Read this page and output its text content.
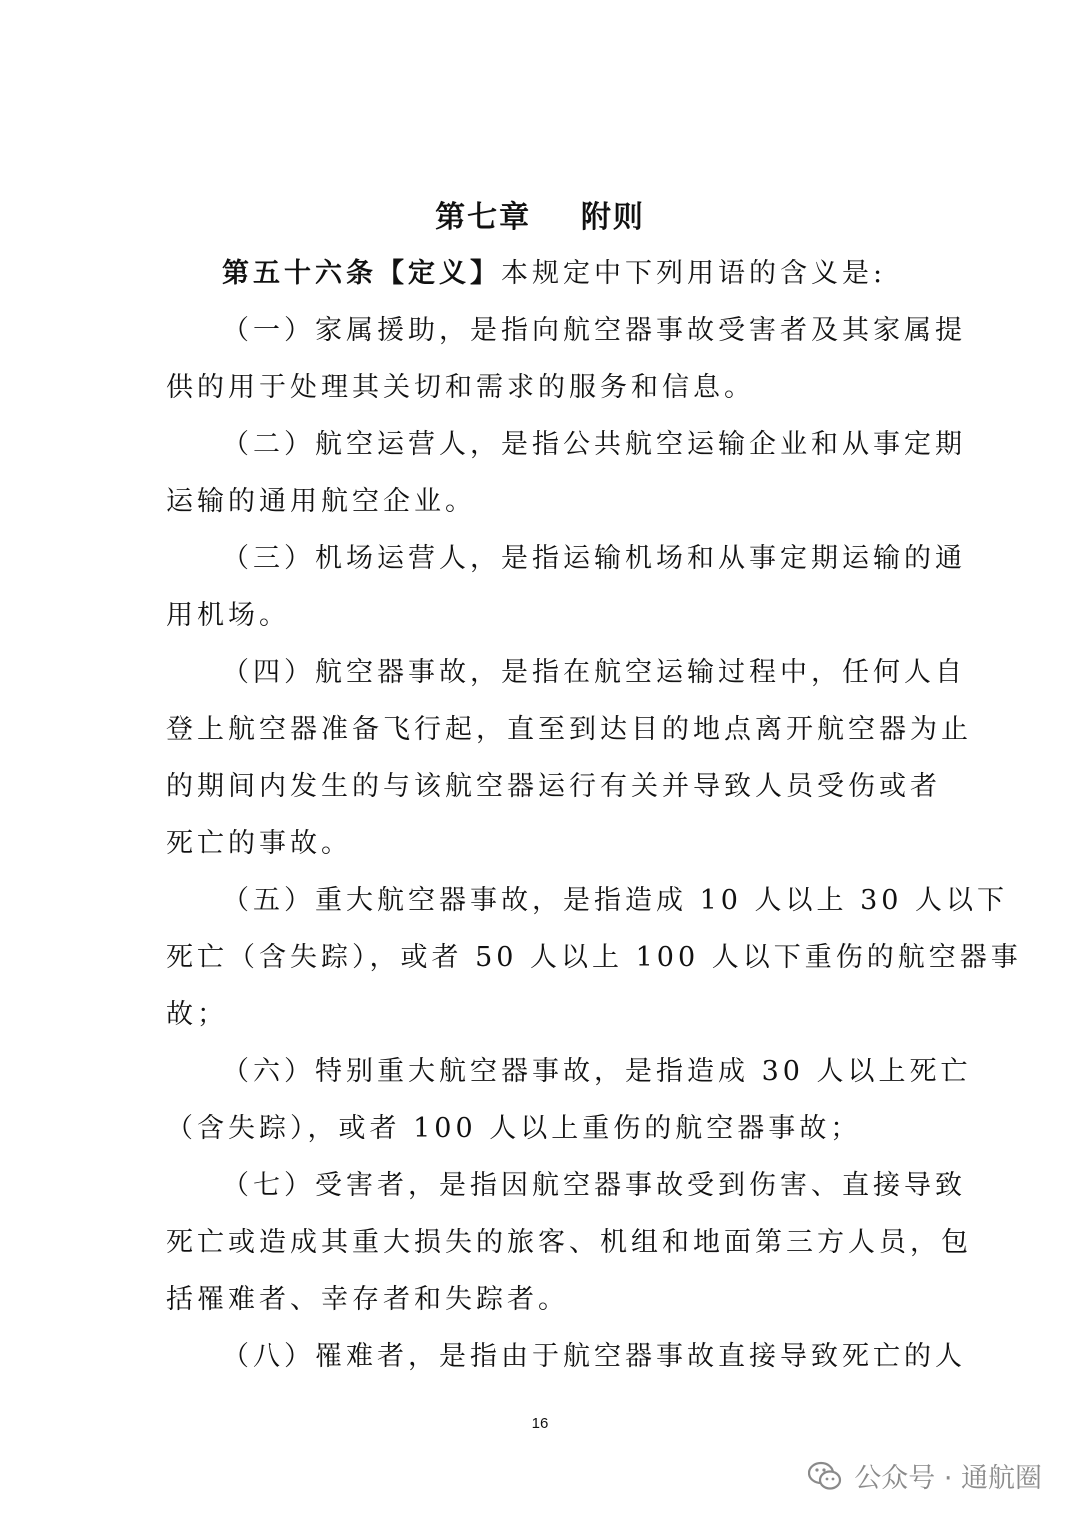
第七章    附则
第五十六条【定义】本规定中下列用语的含义是:
（一）家属援助，是指向航空器事故受害者及其家属提
供的用于处理其关切和需求的服务和信息。
（二）航空运营人，是指公共航空运输企业和从事定期
运输的通用航空企业。
（三）机场运营人，是指运输机场和从事定期运输的通
用机场。
（四）航空器事故，是指在航空运输过程中，任何人自
登上航空器准备飞行起，直至到达目的地点离开航空器为止
的期间内发生的与该航空器运行有关并导致人员受伤或者
死亡的事故。
（五）重大航空器事故，是指造成 10 人以上 30 人以下
死亡（含失踪），或者 50 人以上 100 人以下重伤的航空器事
故；
（六）特别重大航空器事故，是指造成 30 人以上死亡
（含失踪），或者 100 人以上重伤的航空器事故；
（七）受害者，是指因航空器事故受到伤害、直接导致
死亡或造成其重大损失的旅客、机组和地面第三方人员，包
括罹难者、幸存者和失踪者。
（八）罹难者，是指由于航空器事故直接导致死亡的人
16
公众号 · 通航圈
